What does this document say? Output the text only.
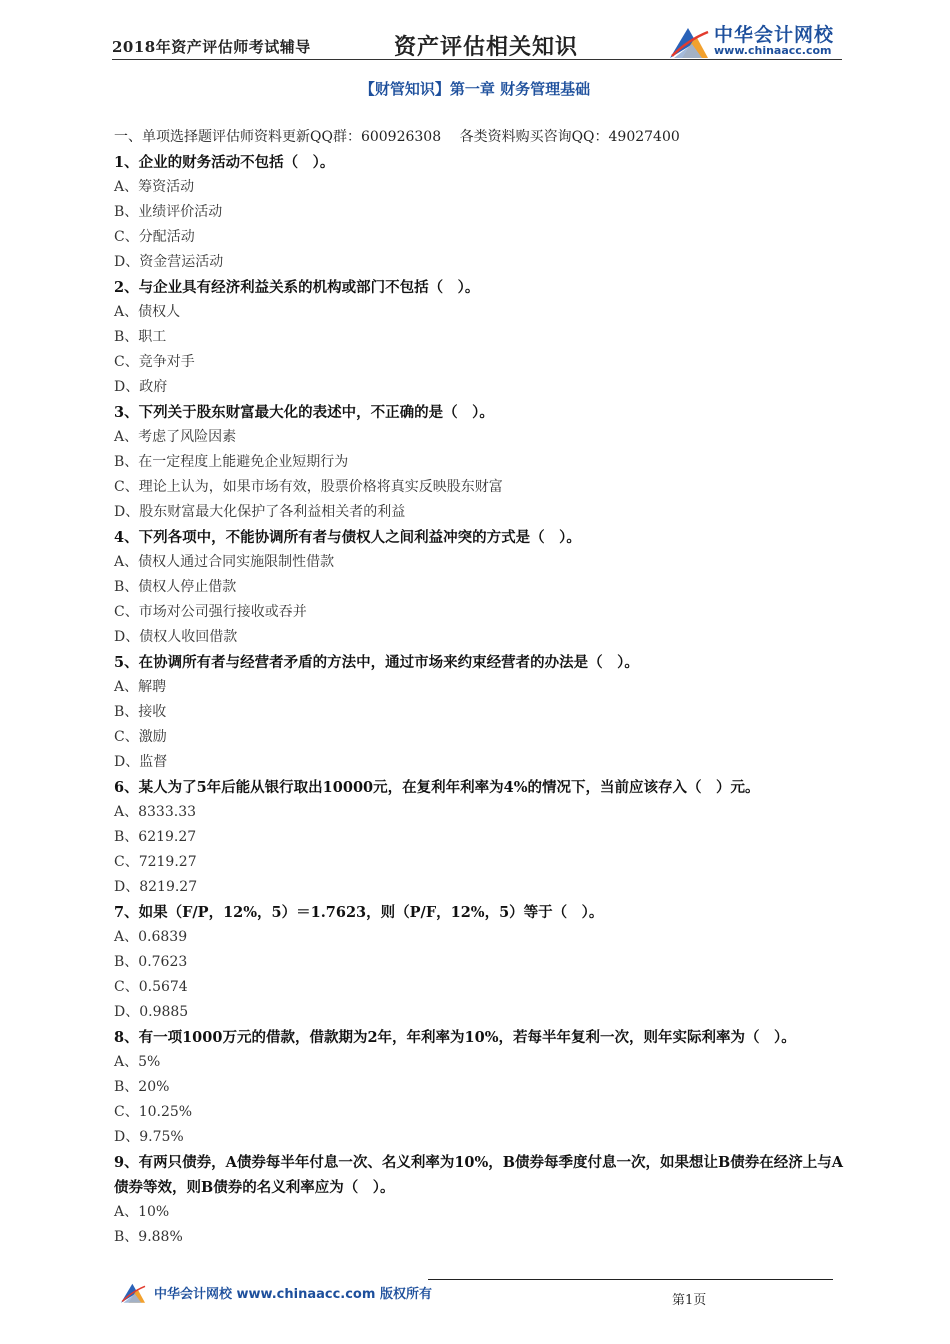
2018年资产评估师考试辅导	资产评估相关知识	中华会计网校
www.chinaacc.com
【财管知识】第一章 财务管理基础
一、单项选择题评估师资料更新QQ群：600926308　 各类资料购买咨询QQ：49027400
1、企业的财务活动不包括（　）。
A、筹资活动
B、业绩评价活动
C、分配活动
D、资金营运活动
2、与企业具有经济利益关系的机构或部门不包括（　）。
A、债权人
B、职工
C、竞争对手
D、政府
3、下列关于股东财富最大化的表述中，不正确的是（　）。
A、考虑了风险因素
B、在一定程度上能避免企业短期行为
C、理论上认为，如果市场有效，股票价格将真实反映股东财富
D、股东财富最大化保护了各利益相关者的利益
4、下列各项中，不能协调所有者与债权人之间利益冲突的方式是（　）。
A、债权人通过合同实施限制性借款
B、债权人停止借款
C、市场对公司强行接收或吞并
D、债权人收回借款
5、在协调所有者与经营者矛盾的方法中，通过市场来约束经营者的办法是（　）。
A、解聘
B、接收
C、激励
D、监督
6、某人为了5年后能从银行取出10000元，在复利年利率为4%的情况下，当前应该存入（　）元。
A、8333.33
B、6219.27
C、7219.27
D、8219.27
7、如果（F/P，12%，5）＝1.7623，则（P/F，12%，5）等于（　）。
A、0.6839
B、0.7623
C、0.5674
D、0.9885
8、有一项1000万元的借款，借款期为2年，年利率为10%，若每半年复利一次，则年实际利率为（　）。
A、5%
B、20%
C、10.25%
D、9.75%
9、有两只债券，A债券每半年付息一次、名义利率为10%，B债券每季度付息一次，如果想让B债券在经济上与A债券等效，则B债券的名义利率应为（　）。
A、10%
B、9.88%
中华会计网校 www.chinaacc.com 版权所有	第1页
